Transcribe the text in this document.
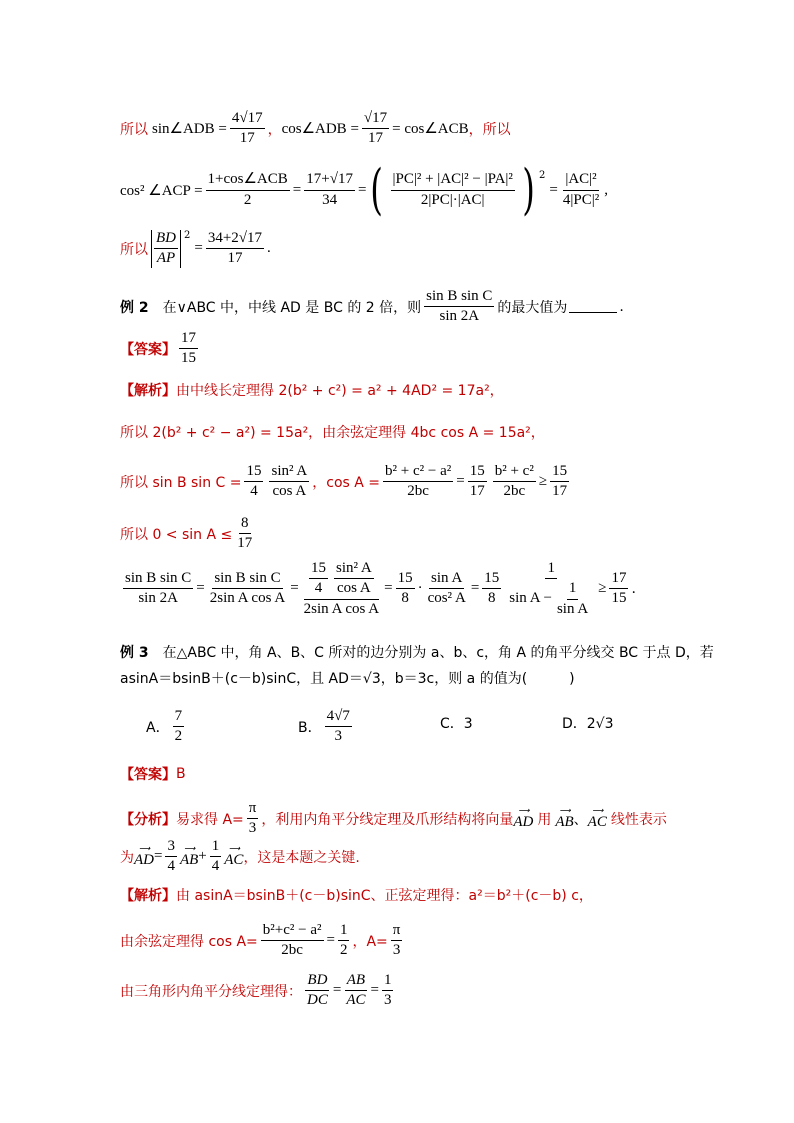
所以 sin∠ADB = $\frac{4√17}{17}$ ， cos∠ADB = $\frac{√17}{17}$ = cos∠ACB ，所以
cos² ∠ACP = $\frac{\text{1+cos∠ACB}}{2} = \frac{17+√17}{34}$ = ( $\frac{\text{|PC|² + |AC|² − |PA|²}}{2|PC|\cdot|AC|}$ ) 2
= $\frac{\text{|AC|²}}{\text{4|PC|²}}$ ,
所以 $\frac{BD}{AP} 2$
= $\frac{34+2√17}{17}$ .
例 2 在∨ABC 中，中线 AD 是 BC 的 2 倍，则 $\frac{\text{sin B sin C}}{\sin 2A}$ 的最大值为	.
【答案】 $\frac{17}{15}$
【解析】 由中线长定理得 2(b² + c²) = a² + 4AD² = 17a²，
所以 2(b² + c² − a²) = 15a²，由余弦定理得 4bc cos A = 15a²，
所以 sin B $\sin C = \frac{15}{4} \frac{\text{sin² A}}{\text{cos A}}$ ，$\cos A = \frac{\text{b² + c² − a²}}{2bc} = \frac{15}{17} \frac{\text{b² + c²}}{2bc} \ge \frac{15}{17}$
所以 $0 < \sin A \le \frac{8}{17}$
$\frac{\text{sin B sin C}}{\sin 2A} = \frac{\text{sin B sin C}}{\text{2sin A cos A}} = \frac{\frac{15}{4} \frac{\text{sin² A}}{\text{cos A}}}{\text{2sin A cos A}} = \frac{15}{8} \cdot \frac{\text{sin A}}{\text{cos² A}} = \frac{15}{8} \frac{1}{\sin A - \frac{1}{\text{sin A}}} \ge \frac{17}{15}$ .
例 3 在△ABC 中，角 A、B、C 所对的边分别为 a、b、c，角 A 的角平分线交 BC 于点 D，若
asinA＝bsinB＋(c－b)sinC，且 AD＝√3，b＝3c，则 a 的值为(　　　)
A． $\frac{7}{2}$	B． $\frac{4√7}{3}$	C．3	D．2√3
【答案】 B
【分析】 易求得 $A= \frac{\pi}{3}$ ，利用内角平分线定理及爪形结构将向量
⟶
AD 用
⟶
AB 、
⟶
AC 线性表示
为
⟶
AD = $\frac{3}{4}$ ⟶
AB + $\frac{1}{4}$ ⟶
AC ，这是本题之关键.
【解析】 由 asinA＝bsinB＋(c－b)sinC、正弦定理得：a²＝b²＋(c－b) c，
由余弦定理得 $\cos A= \frac{\text{b²+c² − a²}}{2bc} = \frac{1}{2}$ ，$A= \frac{\pi}{3}$
由三角形内角平分线定理得： $\frac{BD}{DC} = \frac{AB}{AC} = \frac{1}{3}$
